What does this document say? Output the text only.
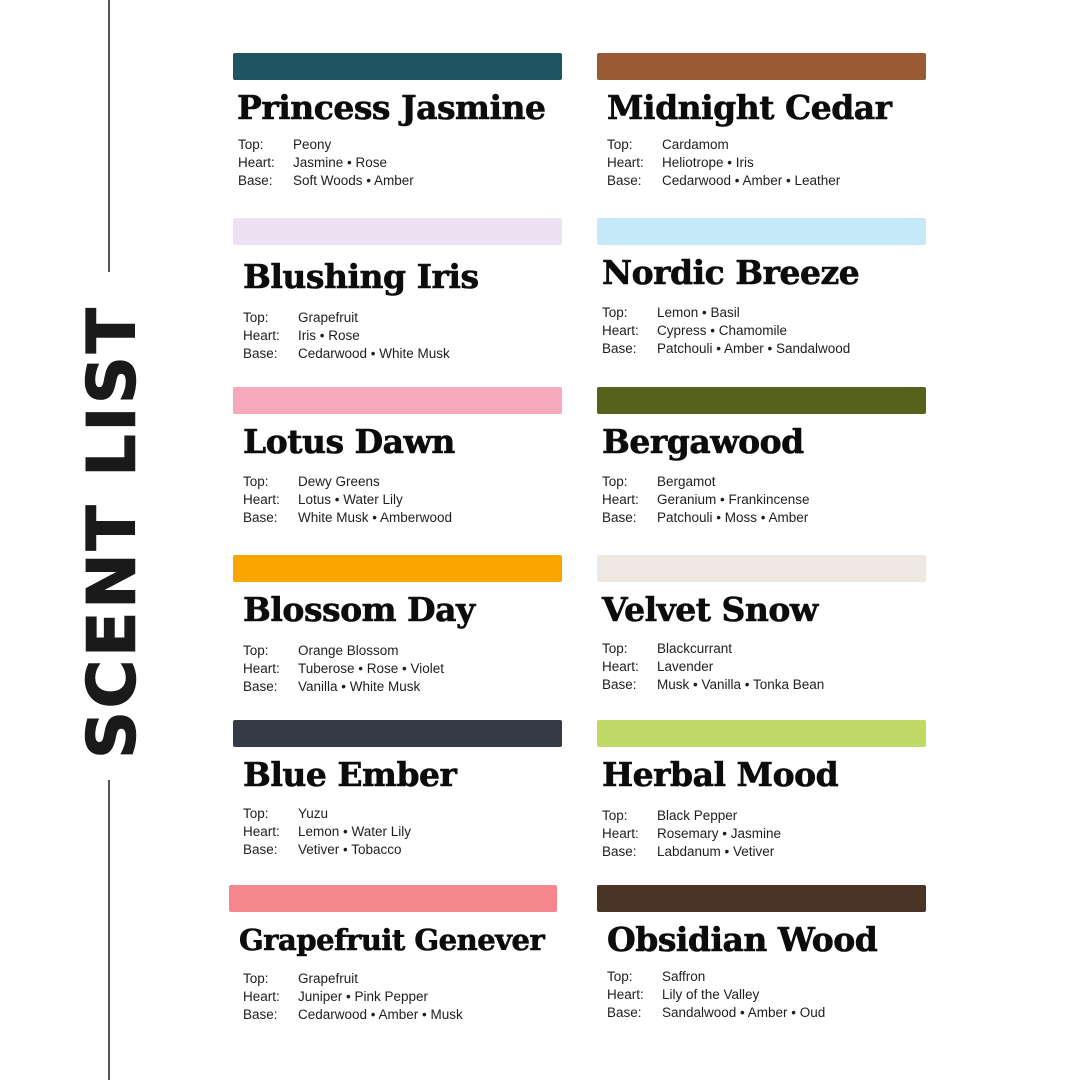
SCENT LIST
Princess Jasmine
Top:	Peony
Heart:	Jasmine • Rose
Base:	Soft Woods • Amber
Midnight Cedar
Top:	Cardamom
Heart:	Heliotrope • Iris
Base:	Cedarwood • Amber • Leather
Blushing Iris
Top:	Grapefruit
Heart:	Iris • Rose
Base:	Cedarwood • White Musk
Nordic Breeze
Top:	Lemon • Basil
Heart:	Cypress • Chamomile
Base:	Patchouli • Amber • Sandalwood
Lotus Dawn
Top:	Dewy Greens
Heart:	Lotus • Water Lily
Base:	White Musk • Amberwood
Bergawood
Top:	Bergamot
Heart:	Geranium • Frankincense
Base:	Patchouli • Moss • Amber
Blossom Day
Top:	Orange Blossom
Heart:	Tuberose • Rose • Violet
Base:	Vanilla • White Musk
Velvet Snow
Top:	Blackcurrant
Heart:	Lavender
Base:	Musk • Vanilla • Tonka Bean
Blue Ember
Top:	Yuzu
Heart:	Lemon • Water Lily
Base:	Vetiver • Tobacco
Herbal Mood
Top:	Black Pepper
Heart:	Rosemary • Jasmine
Base:	Labdanum • Vetiver
Grapefruit Genever
Top:	Grapefruit
Heart:	Juniper • Pink Pepper
Base:	Cedarwood • Amber • Musk
Obsidian Wood
Top:	Saffron
Heart:	Lily of the Valley
Base:	Sandalwood • Amber • Oud
